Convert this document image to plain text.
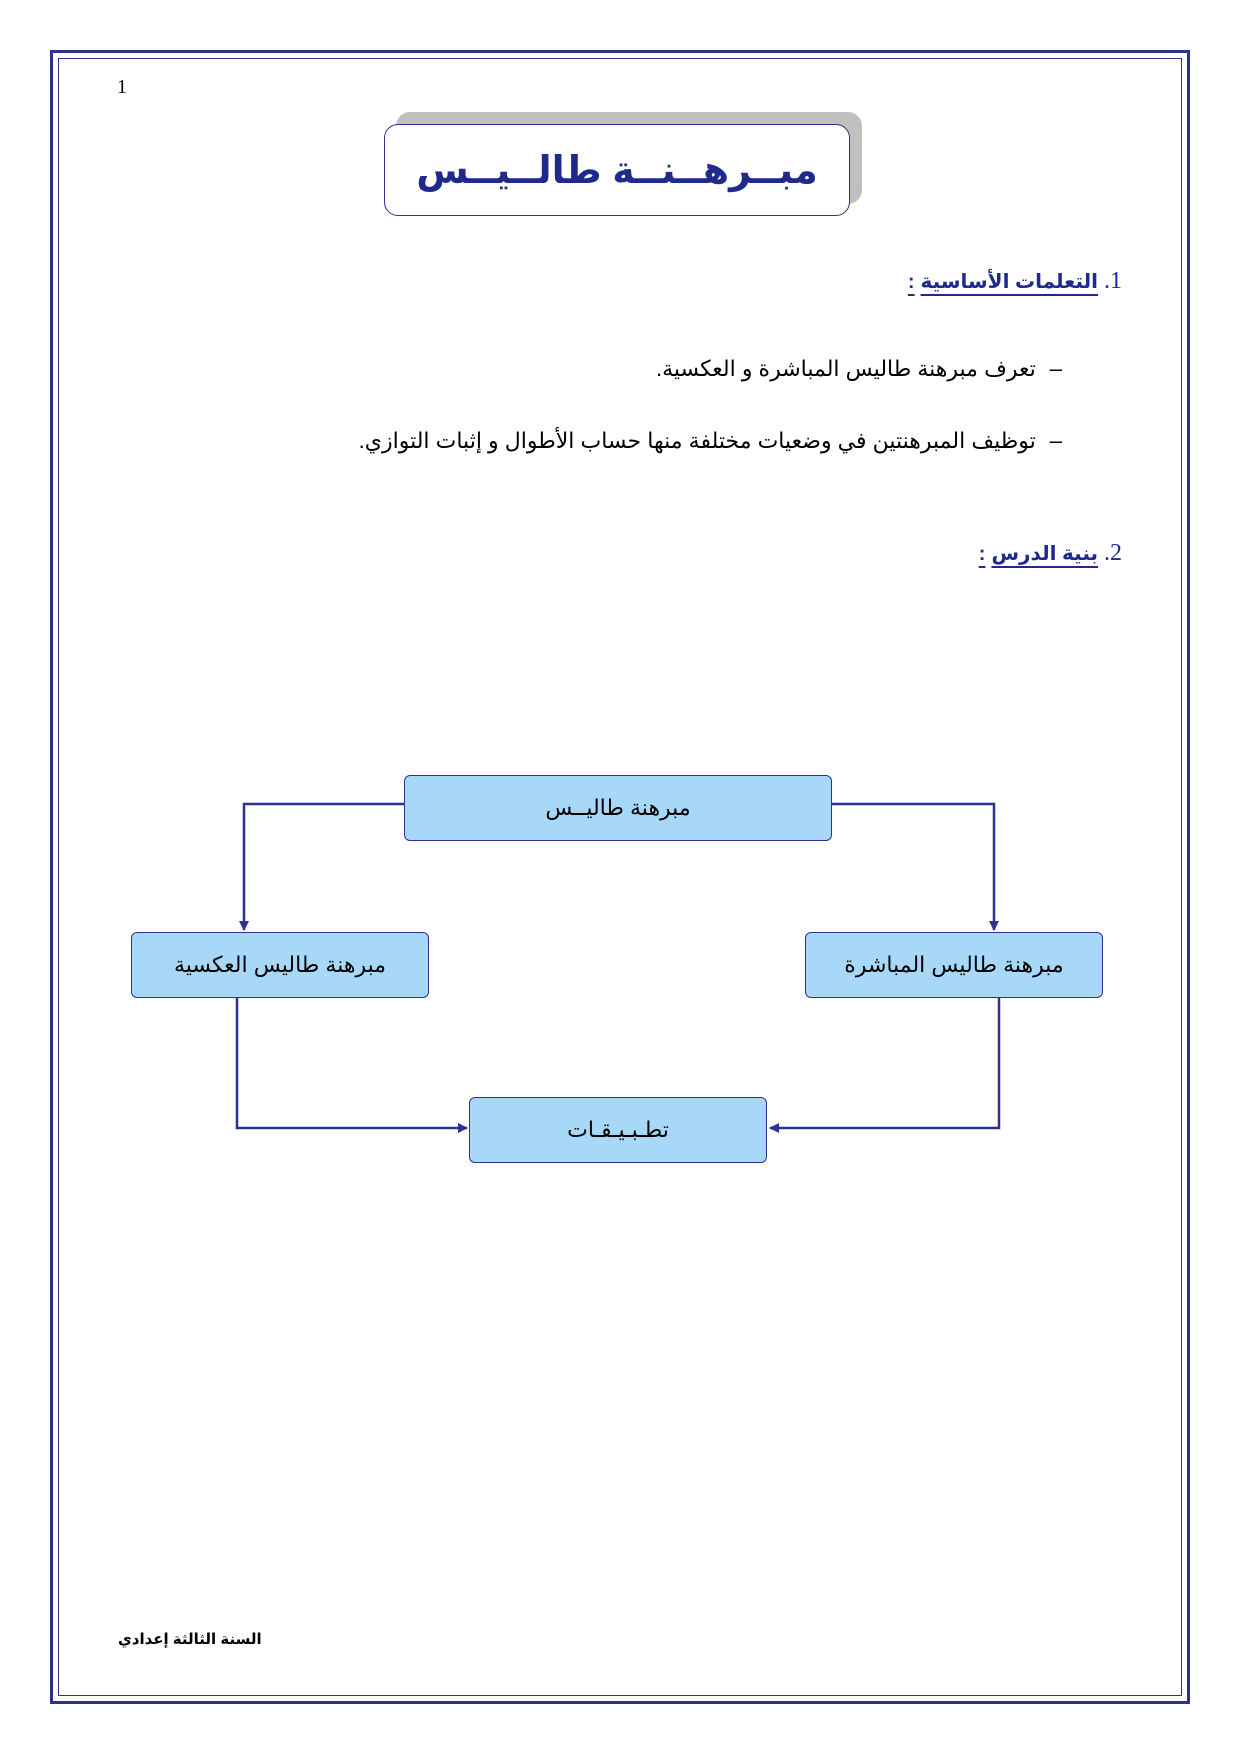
1
مبــرهــنــة طالــيــس
1.
التعلمات الأساسية
:
–
تعرف مبرهنة طاليس المباشرة و العكسية.
–
توظيف المبرهنتين في وضعيات مختلفة منها حساب الأطوال و إثبات التوازي.
2.
بنية الدرس
:
مبرهنة طاليــس
مبرهنة طاليس العكسية	مبرهنة طاليس المباشرة
تطـبـيـقـات
السنة الثالثة إعدادي
